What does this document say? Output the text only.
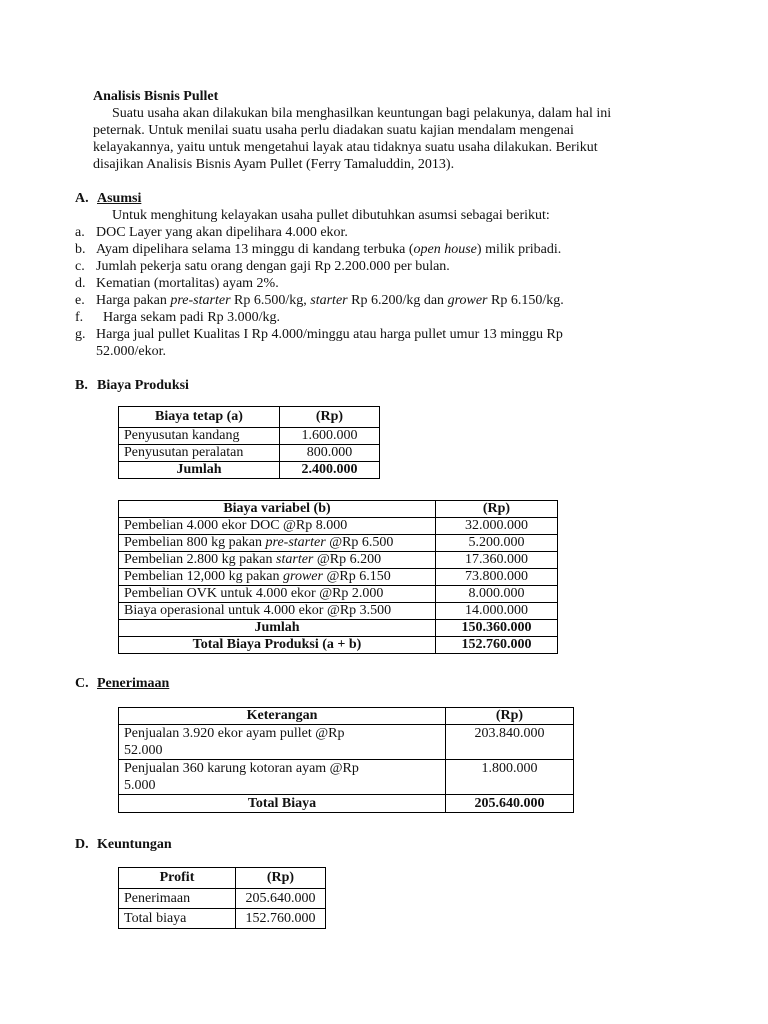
Analisis Bisnis Pullet
Suatu usaha akan dilakukan bila menghasilkan keuntungan bagi pelakunya, dalam hal ini
peternak. Untuk menilai suatu usaha perlu diadakan suatu kajian mendalam mengenai
kelayakannya, yaitu untuk mengetahui layak atau tidaknya suatu usaha dilakukan. Berikut
disajikan Analisis Bisnis Ayam Pullet (Ferry Tamaluddin, 2013).
A. Asumsi
Untuk menghitung kelayakan usaha pullet dibutuhkan asumsi sebagai berikut:
a. DOC Layer yang akan dipelihara 4.000 ekor.
b. Ayam dipelihara selama 13 minggu di kandang terbuka (open house) milik pribadi.
c. Jumlah pekerja satu orang dengan gaji Rp 2.200.000 per bulan.
d. Kematian (mortalitas) ayam 2%.
e. Harga pakan pre-starter Rp 6.500/kg, starter Rp 6.200/kg dan grower Rp 6.150/kg.
f. Harga sekam padi Rp 3.000/kg.
g. Harga jual pullet Kualitas I Rp 4.000/minggu atau harga pullet umur 13 minggu Rp
52.000/ekor.
B. Biaya Produksi
Biaya tetap (a)	(Rp)
Penyusutan kandang	1.600.000
Penyusutan peralatan	800.000
Jumlah	2.400.000
Biaya variabel (b)	(Rp)
Pembelian 4.000 ekor DOC @Rp 8.000	32.000.000
Pembelian 800 kg pakan pre-starter @Rp 6.500	5.200.000
Pembelian 2.800 kg pakan starter @Rp 6.200	17.360.000
Pembelian 12,000 kg pakan grower @Rp 6.150	73.800.000
Pembelian OVK untuk 4.000 ekor @Rp 2.000	8.000.000
Biaya operasional untuk 4.000 ekor @Rp 3.500	14.000.000
Jumlah	150.360.000
Total Biaya Produksi (a + b)	152.760.000
C. Penerimaan
Keterangan	(Rp)
Penjualan 3.920 ekor ayam pullet @Rp 52.000	203.840.000
Penjualan 360 karung kotoran ayam @Rp 5.000	1.800.000
Total Biaya	205.640.000
D. Keuntungan
Profit	(Rp)
Penerimaan	205.640.000
Total biaya	152.760.000
